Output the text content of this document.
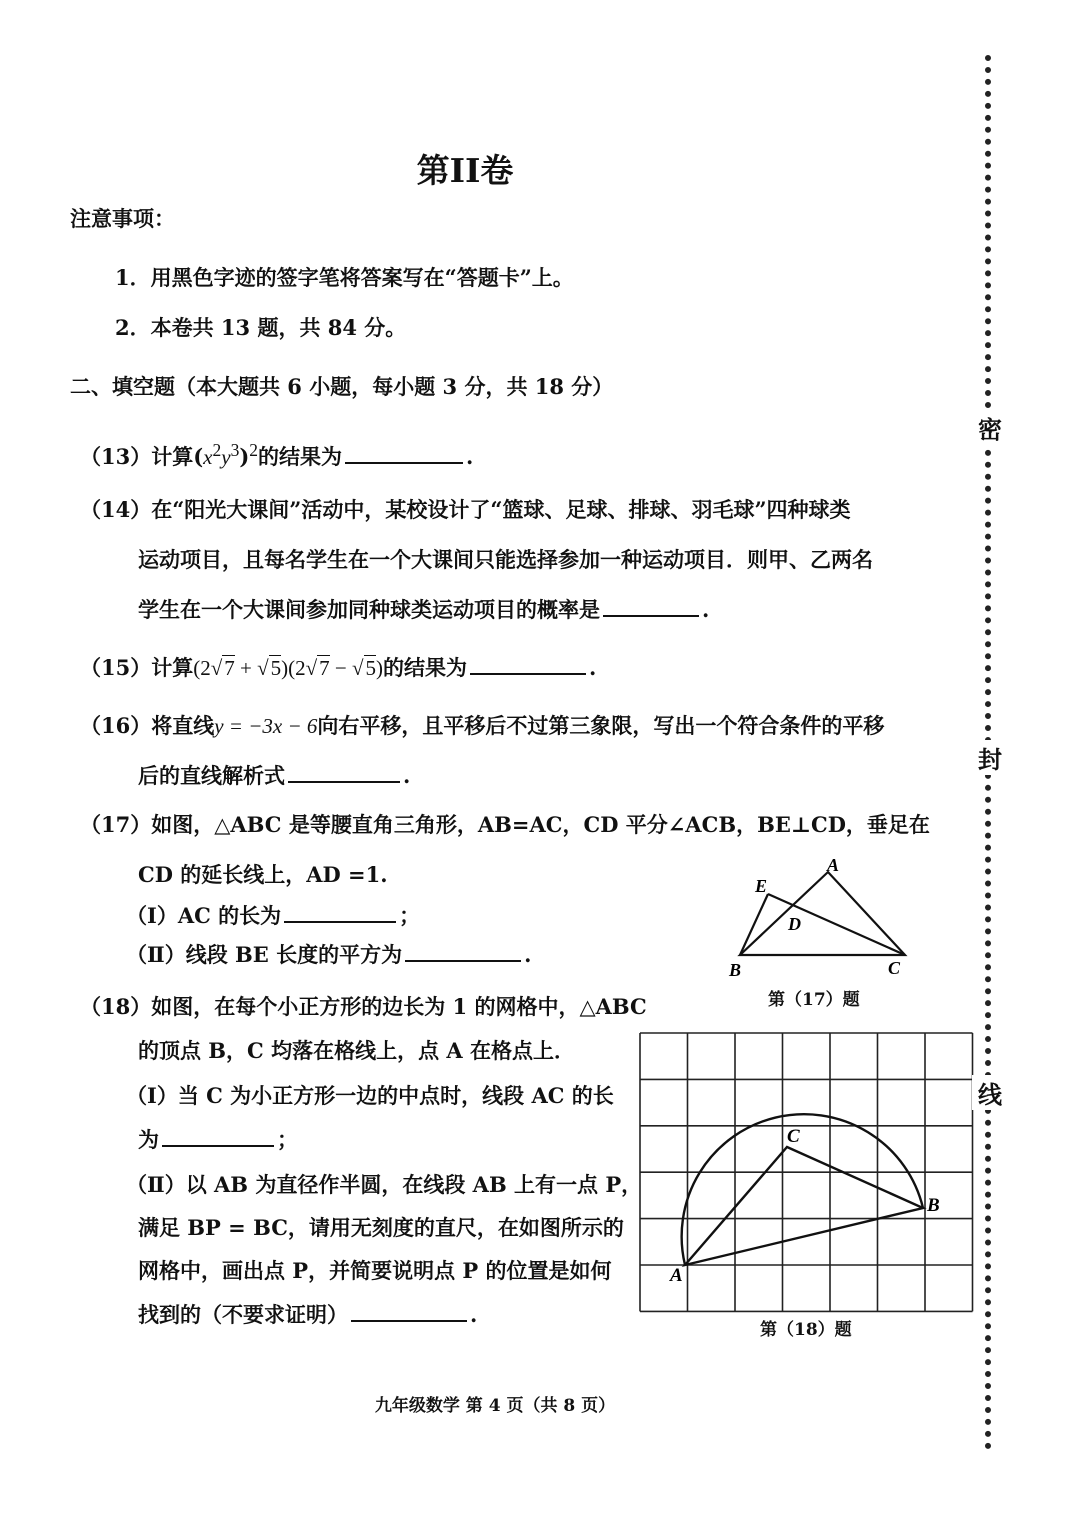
第II卷
注意事项：
1．用黑色字迹的签字笔将答案写在“答题卡”上。
2．本卷共 13 题，共 84 分。
二、填空题（本大题共 6 小题，每小题 3 分，共 18 分）
（13）计算$(x^2y^3)^2$的结果为	.
（14）在“阳光大课间”活动中，某校设计了“篮球、足球、排球、羽毛球”四种球类
运动项目，且每名学生在一个大课间只能选择参加一种运动项目．则甲、乙两名
学生在一个大课间参加同种球类运动项目的概率是	.
（15）计算(2√7 + √5)(2√7 − √5)的结果为	.
（16）将直线y = −3x − 6向右平移，且平移后不过第三象限，写出一个符合条件的平移
后的直线解析式	.
（17）如图，△ABC 是等腰直角三角形，AB=AC，CD 平分∠ACB，BE⊥CD，垂足在
CD 的延长线上，AD =1.
（Ⅰ）AC 的长为	；
（Ⅱ）线段 BE 长度的平方为	.
A
B	C
D
E
第（17）题
（18）如图，在每个小正方形的边长为 1 的网格中，△ABC
的顶点 B，C 均落在格线上，点 A 在格点上．
（Ⅰ）当 C 为小正方形一边的中点时，线段 AC 的长
为	；
（Ⅱ）以 AB 为直径作半圆，在线段 AB 上有一点 P，
满足 BP = BC，请用无刻度的直尺，在如图所示的
网格中，画出点 P，并简要说明点 P 的位置是如何
找到的（不要求证明）	.
A
B
C
第（18）题
密
封
线
九年级数学 第 4 页（共 8 页）
